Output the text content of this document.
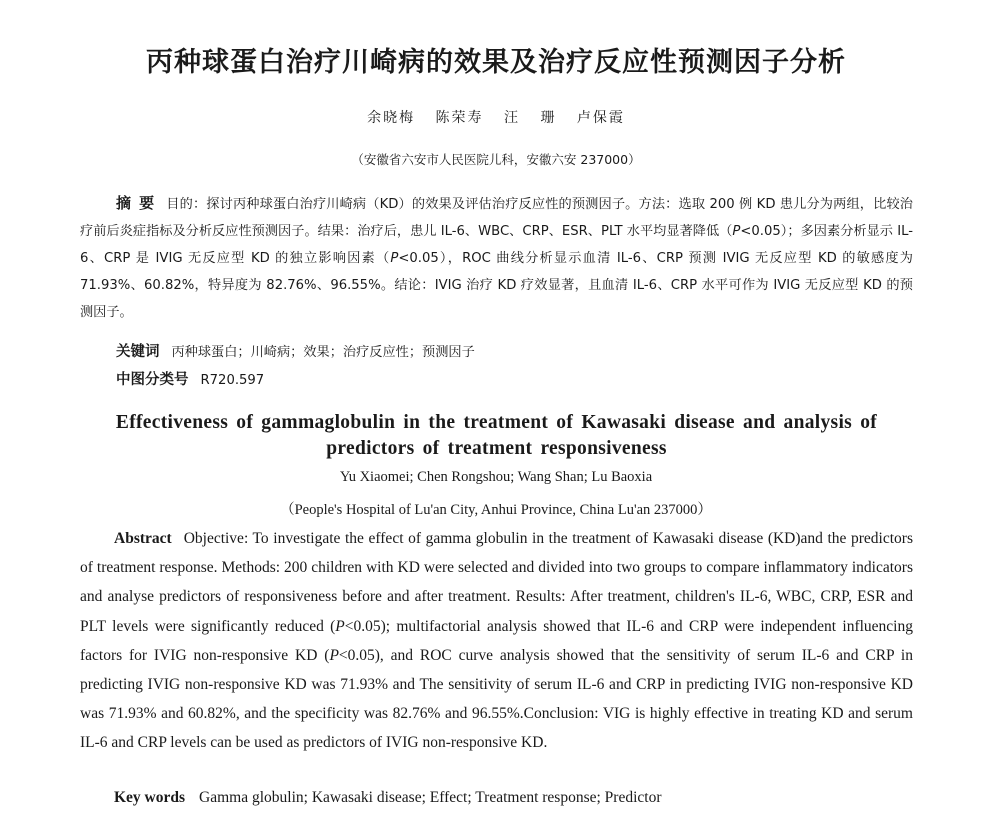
丙种球蛋白治疗川崎病的效果及治疗反应性预测因子分析
余晓梅 陈荣寿 汪 珊 卢保霞
（安徽省六安市人民医院儿科，安徽六安 237000）

摘要 目的：探讨丙种球蛋白治疗川崎病（KD）的效果及评估治疗反应性的预测因子。方法：选取 200 例 KD 患儿分为两组，比较治疗前后炎症指标及分析反应性预测因子。结果：治疗后，患儿 IL-6、WBC、CRP、ESR、PLT 水平均显著降低（P<0.05）；多因素分析显示 IL-6、CRP 是 IVIG 无反应型 KD 的独立影响因素（P<0.05），ROC 曲线分析显示血清 IL-6、CRP 预测 IVIG 无反应型 KD 的敏感度为 71.93%、60.82%，特异度为 82.76%、96.55%。结论：IVIG 治疗 KD 疗效显著，且血清 IL-6、CRP 水平可作为 IVIG 无反应型 KD 的预测因子。

关键词 丙种球蛋白；川崎病；效果；治疗反应性；预测因子
中图分类号 R720.597
Effectiveness of gammaglobulin in the treatment of Kawasaki disease and analysis of predictors of treatment responsiveness
Yu Xiaomei; Chen Rongshou; Wang Shan; Lu Baoxia
（People's Hospital of Lu'an City, Anhui Province, China Lu'an 237000）

Abstract Objective: To investigate the effect of gamma globulin in the treatment of Kawasaki disease (KD)and the predictors of treatment response. Methods: 200 children with KD were selected and divided into two groups to compare inflammatory indicators and analyse predictors of responsiveness before and after treatment. Results: After treatment, children's IL-6, WBC, CRP, ESR and PLT levels were significantly reduced (P<0.05); multifactorial analysis showed that IL-6 and CRP were independent influencing factors for IVIG non-responsive KD (P<0.05), and ROC curve analysis showed that the sensitivity of serum IL-6 and CRP in predicting IVIG non-responsive KD was 71.93% and The sensitivity of serum IL-6 and CRP in predicting IVIG non-responsive KD was 71.93% and 60.82%, and the specificity was 82.76% and 96.55%.Conclusion: VIG is highly effective in treating KD and serum IL-6 and CRP levels can be used as predictors of IVIG non-responsive KD.

Key words Gamma globulin; Kawasaki disease; Effect; Treatment response; Predictor
